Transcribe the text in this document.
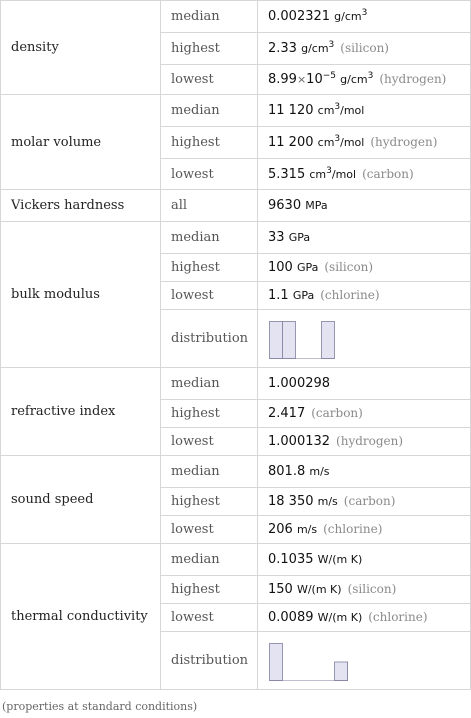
density	median	0.002321 $g/cm^3$
	highest	2.33 $g/cm^3$ (silicon)
	lowest	$8.99\times 10^{-5}$ $g/cm^3$ (hydrogen)
molar volume	median	11 120 $cm^3$/mol
	highest	11 200 $cm^3$/mol (hydrogen)
	lowest	5.315 $cm^3$/mol (carbon)
Vickers hardness	all	9630 MPa
bulk modulus	median	33 GPa
	highest	100 GPa (silicon)
	lowest	1.1 GPa (chlorine)
	distribution	

refractive index	median	1.000298
	highest	2.417 (carbon)
	lowest	1.000132 (hydrogen)
sound speed	median	801.8 m/s
	highest	18 350 m/s (carbon)
	lowest	206 m/s (chlorine)
thermal conductivity	median	0.1035 W/(m K)
	highest	150 W/(m K) (silicon)
	lowest	0.0089 W/(m K) (chlorine)
	distribution	
(properties at standard conditions)
